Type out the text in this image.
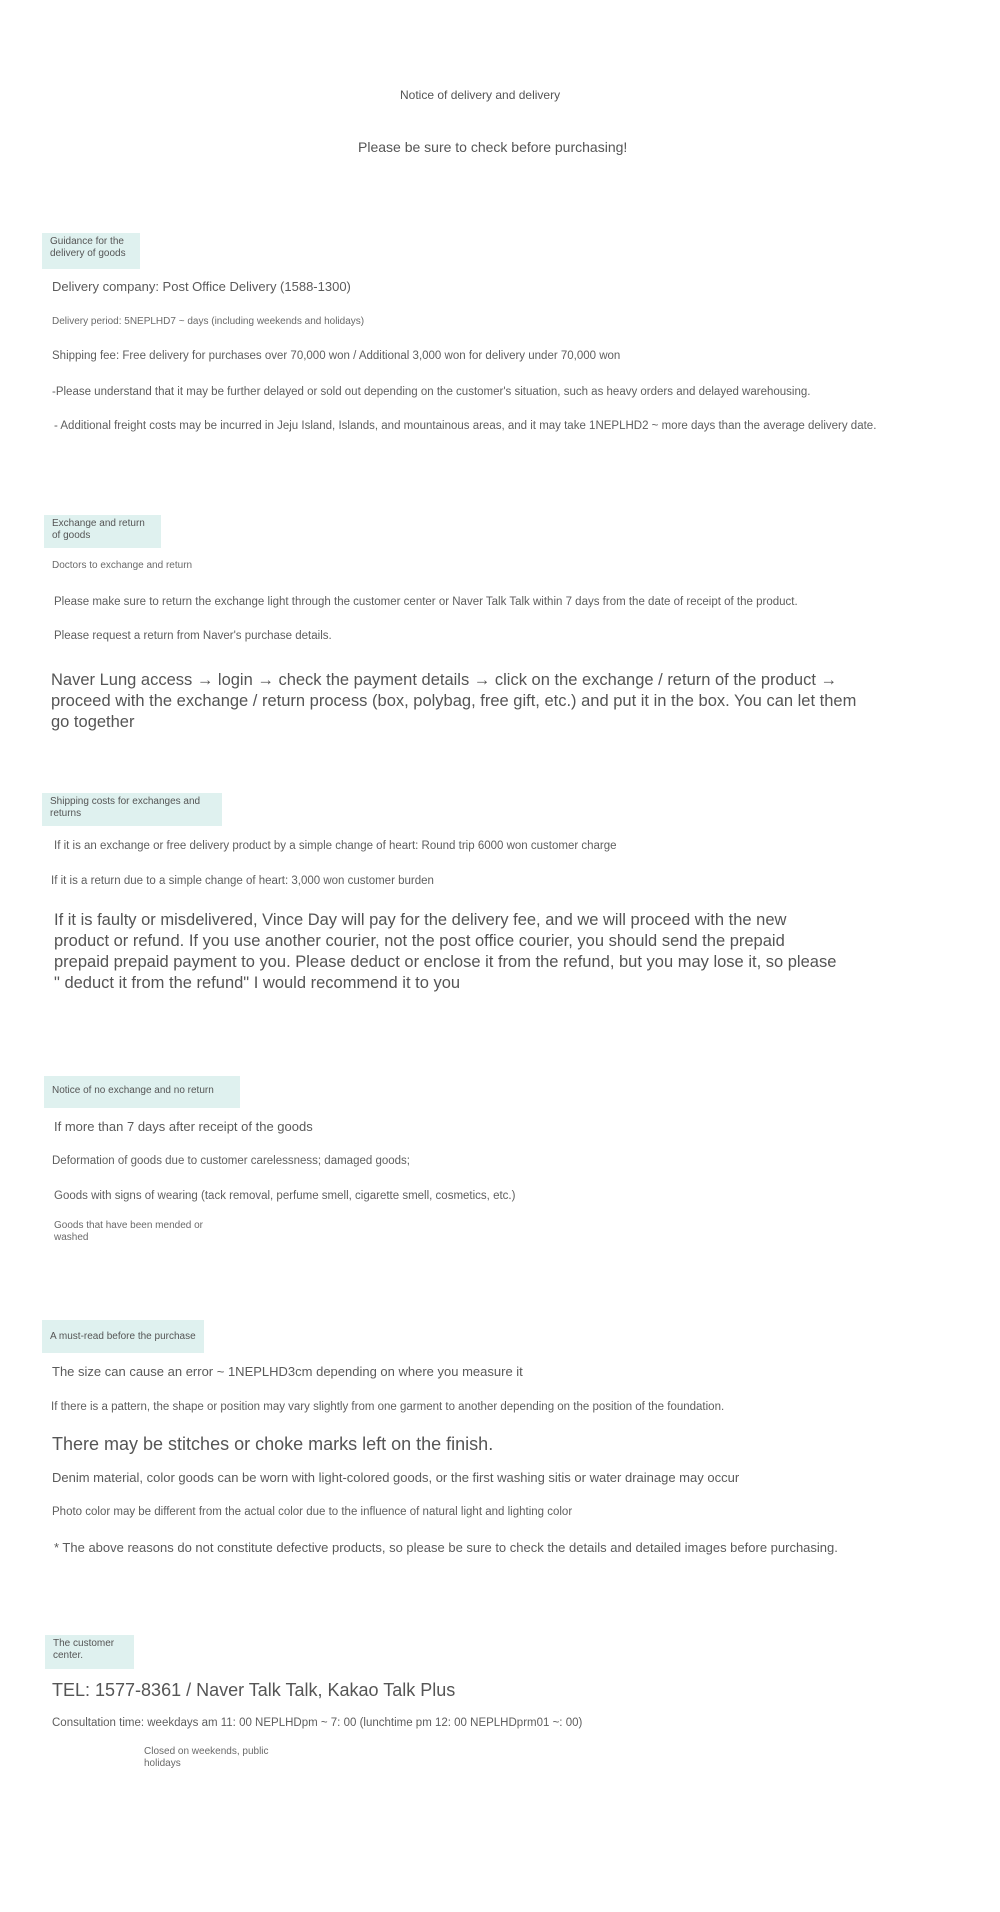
Notice of delivery and delivery
Please be sure to check before purchasing!
Guidance for the delivery of goods
Delivery company: Post Office Delivery (1588-1300)
Delivery period: 5NEPLHD7 ~ days (including weekends and holidays)
Shipping fee: Free delivery for purchases over 70,000 won / Additional 3,000 won for delivery under 70,000 won
-Please understand that it may be further delayed or sold out depending on the customer's situation, such as heavy orders and delayed warehousing.
- Additional freight costs may be incurred in Jeju Island, Islands, and mountainous areas, and it may take 1NEPLHD2 ~ more days than the average delivery date.
Exchange and return of goods
Doctors to exchange and return
Please make sure to return the exchange light through the customer center or Naver Talk Talk within 7 days from the date of receipt of the product.
Please request a return from Naver's purchase details.
Naver Lung access → login → check the payment details → click on the exchange / return of the product → proceed with the exchange / return process (box, polybag, free gift, etc.) and put it in the box. You can let them go together
Shipping costs for exchanges and returns
If it is an exchange or free delivery product by a simple change of heart: Round trip 6000 won customer charge
If it is a return due to a simple change of heart: 3,000 won customer burden
If it is faulty or misdelivered, Vince Day will pay for the delivery fee, and we will proceed with the new product or refund. If you use another courier, not the post office courier, you should send the prepaid prepaid prepaid payment to you. Please deduct or enclose it from the refund, but you may lose it, so please " deduct it from the refund" I would recommend it to you
Notice of no exchange and no return
If more than 7 days after receipt of the goods
Deformation of goods due to customer carelessness; damaged goods;
Goods with signs of wearing (tack removal, perfume smell, cigarette smell, cosmetics, etc.)
Goods that have been mended or washed
A must-read before the purchase
The size can cause an error ~ 1NEPLHD3cm depending on where you measure it
If there is a pattern, the shape or position may vary slightly from one garment to another depending on the position of the foundation.
There may be stitches or choke marks left on the finish.
Denim material, color goods can be worn with light-colored goods, or the first washing sitis or water drainage may occur
Photo color may be different from the actual color due to the influence of natural light and lighting color
* The above reasons do not constitute defective products, so please be sure to check the details and detailed images before purchasing.
The customer center.
TEL: 1577-8361 / Naver Talk Talk, Kakao Talk Plus
Consultation time: weekdays am 11: 00 NEPLHDpm ~ 7: 00 (lunchtime pm 12: 00 NEPLHDprm01 ~: 00)
Closed on weekends, public holidays
